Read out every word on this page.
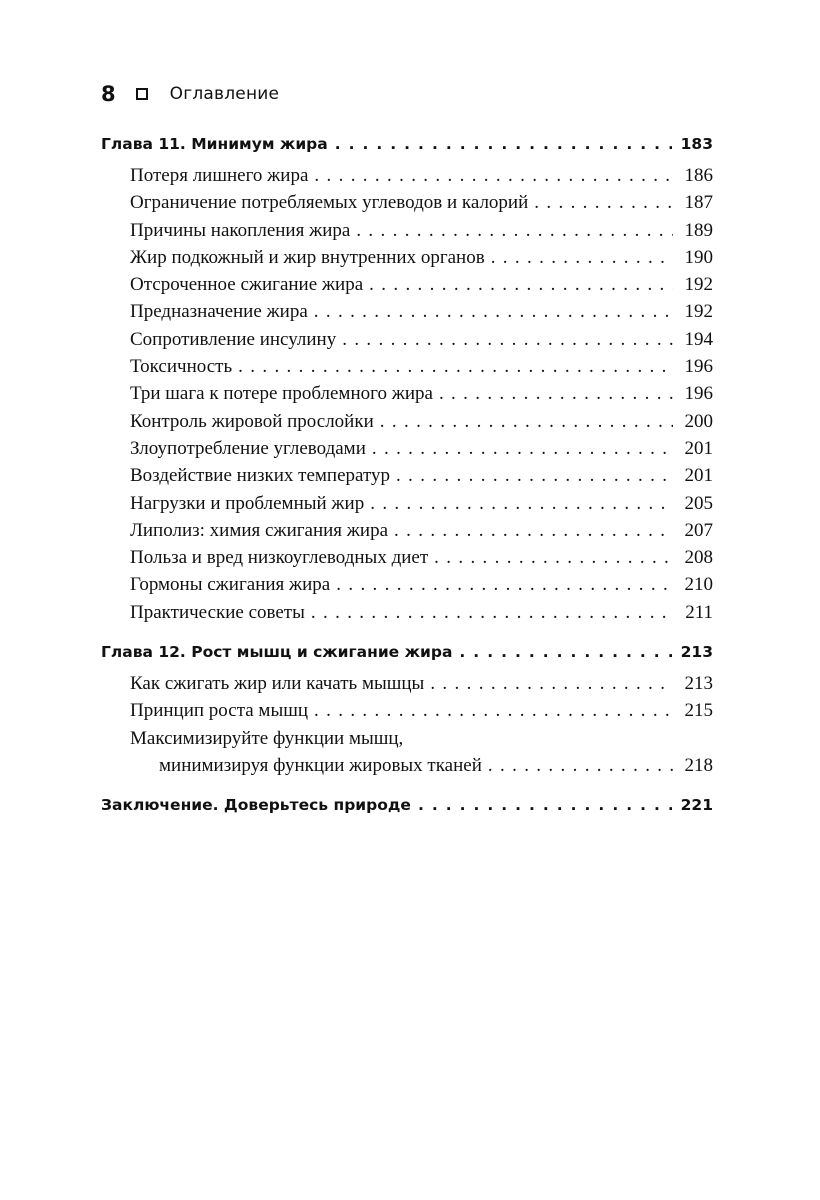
8	Оглавление
Глава 11. Минимум жира . . .	183
Потеря лишнего жира . . .	186
Ограничение потребляемых углеводов и калорий . . .	187
Причины накопления жира . . .	189
Жир подкожный и жир внутренних органов . . .	190
Отсроченное сжигание жира . . .	192
Предназначение жира . . .	192
Сопротивление инсулину . . .	194
Токсичность . . .	196
Три шага к потере проблемного жира . . .	196
Контроль жировой прослойки . . .	200
Злоупотребление углеводами . . .	201
Воздействие низких температур . . .	201
Нагрузки и проблемный жир . . .	205
Липолиз: химия сжигания жира . . .	207
Польза и вред низкоуглеводных диет . . .	208
Гормоны сжигания жира . . .	210
Практические советы . . .	211
Глава 12. Рост мышц и сжигание жира . . .	213
Как сжигать жир или качать мышцы . . .	213
Принцип роста мышц . . .	215
Максимизируйте функции мышц,
минимизируя функции жировых тканей . . .	218
Заключение. Доверьтесь природе . . .	221
